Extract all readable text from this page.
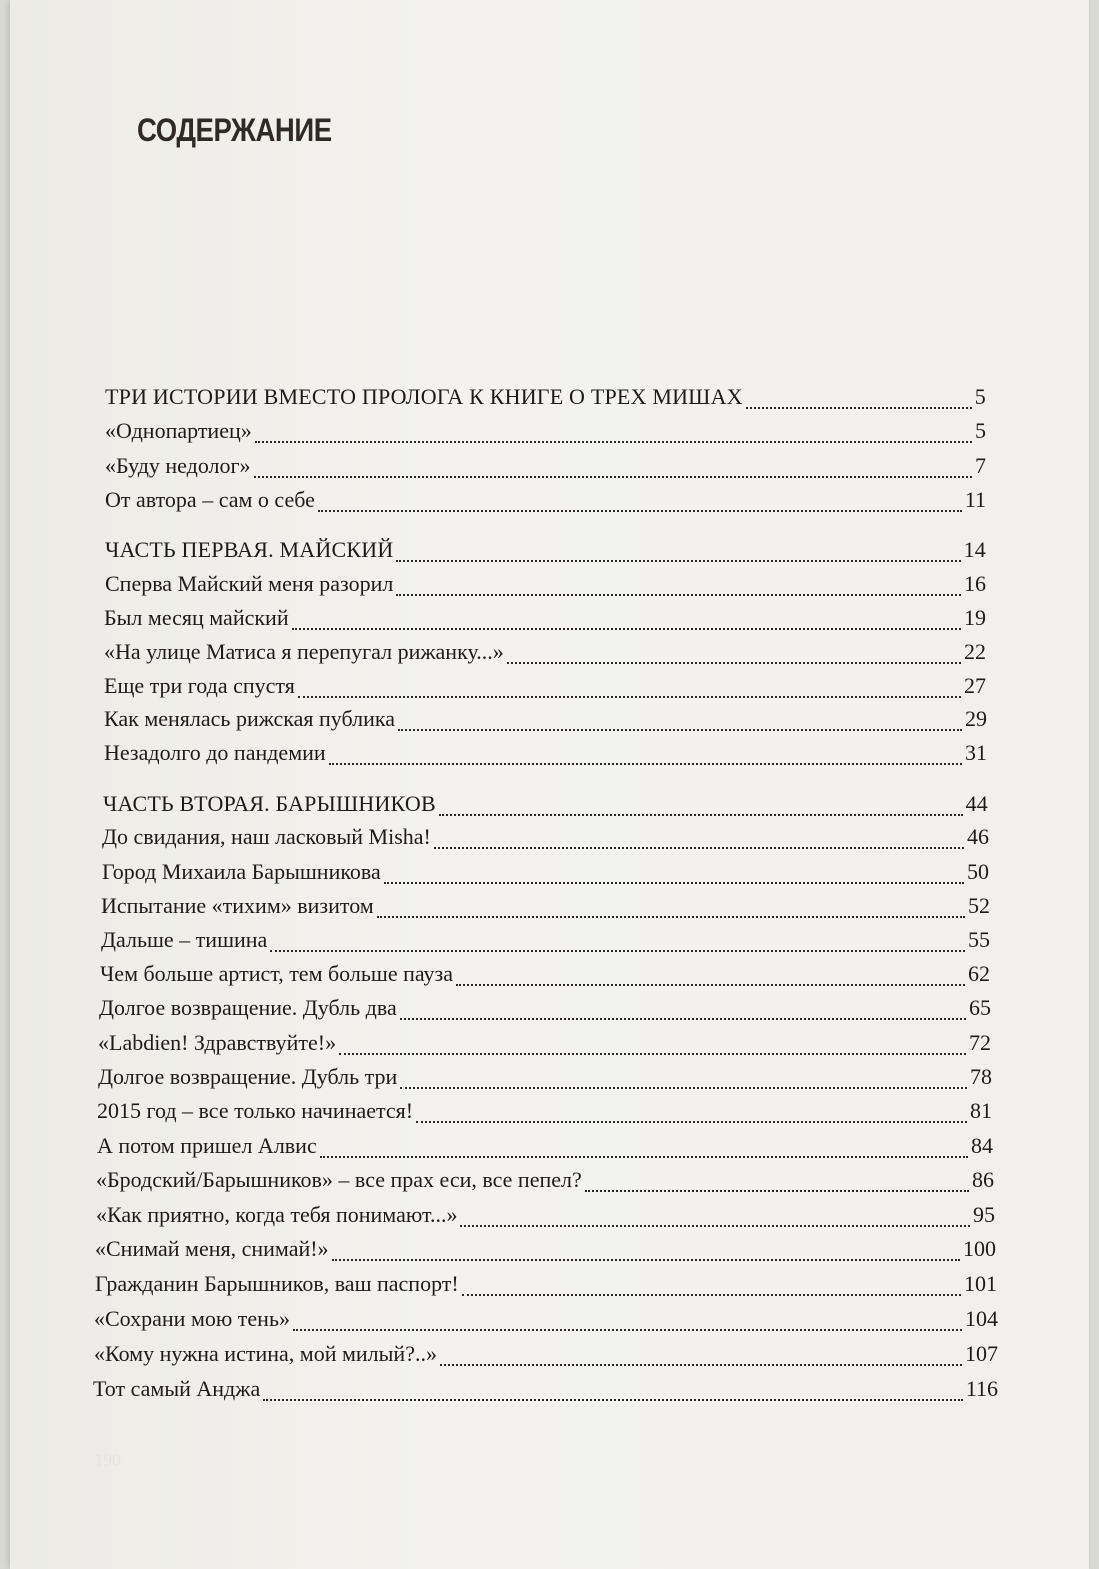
СОДЕРЖАНИЕ
ТРИ ИСТОРИИ ВМЕСТО ПРОЛОГА К КНИГЕ О ТРЕХ МИШАХ	5
«Однопартиец»	5
«Буду недолог»	7
От автора – сам о себе	11
ЧАСТЬ ПЕРВАЯ. МАЙСКИЙ	14
Сперва Майский меня разорил	16
Был месяц майский	19
«На улице Матиса я перепугал рижанку...»	22
Еще три года спустя	27
Как менялась рижская публика	29
Незадолго до пандемии	31
ЧАСТЬ ВТОРАЯ. БАРЫШНИКОВ	44
До свидания, наш ласковый Misha!	46
Город Михаила Барышникова	50
Испытание «тихим» визитом	52
Дальше – тишина	55
Чем больше артист, тем больше пауза	62
Долгое возвращение. Дубль два	65
«Labdien! Здравствуйте!»	72
Долгое возвращение. Дубль три	78
2015 год – все только начинается!	81
А потом пришел Алвис	84
«Бродский/Барышников» – все прах еси, все пепел?	86
«Как приятно, когда тебя понимают...»	95
«Снимай меня, снимай!»	100
Гражданин Барышников, ваш паспорт!	101
«Сохрани мою тень»	104
«Кому нужна истина, мой милый?..»	107
Тот самый Анджа	116
190
